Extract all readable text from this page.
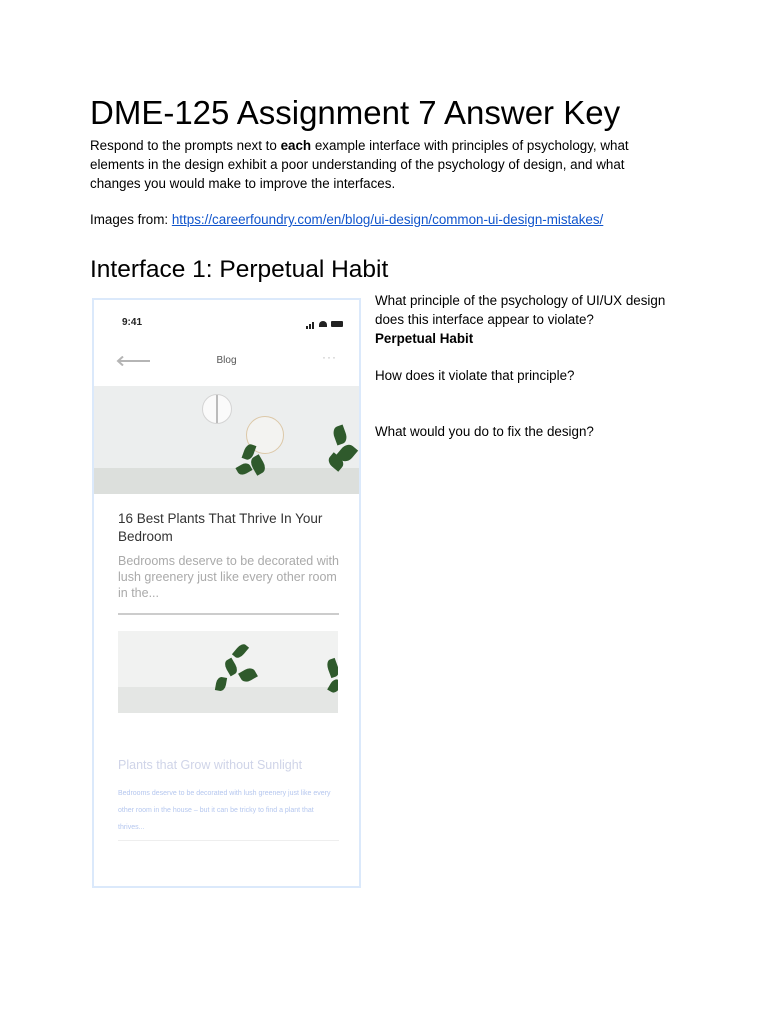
DME-125 Assignment 7 Answer Key

Respond to the prompts next to each example interface with principles of psychology, what elements in the design exhibit a poor understanding of the psychology of design, and what changes you would make to improve the interfaces.

Images from: https://careerfoundry.com/en/blog/ui-design/common-ui-design-mistakes/

Interface 1: Perpetual Habit
9:41
Blog	···
16 Best Plants That Thrive In Your Bedroom

Bedrooms deserve to be decorated with lush greenery just like every other room in the...

Plants that Grow without Sunlight

Bedrooms deserve to be decorated with lush greenery just like every other room in the house – but it can be tricky to find a plant that thrives...

What principle of the psychology of UI/UX design does this interface appear to violate?

Perpetual Habit

How does it violate that principle?

What would you do to fix the design?
